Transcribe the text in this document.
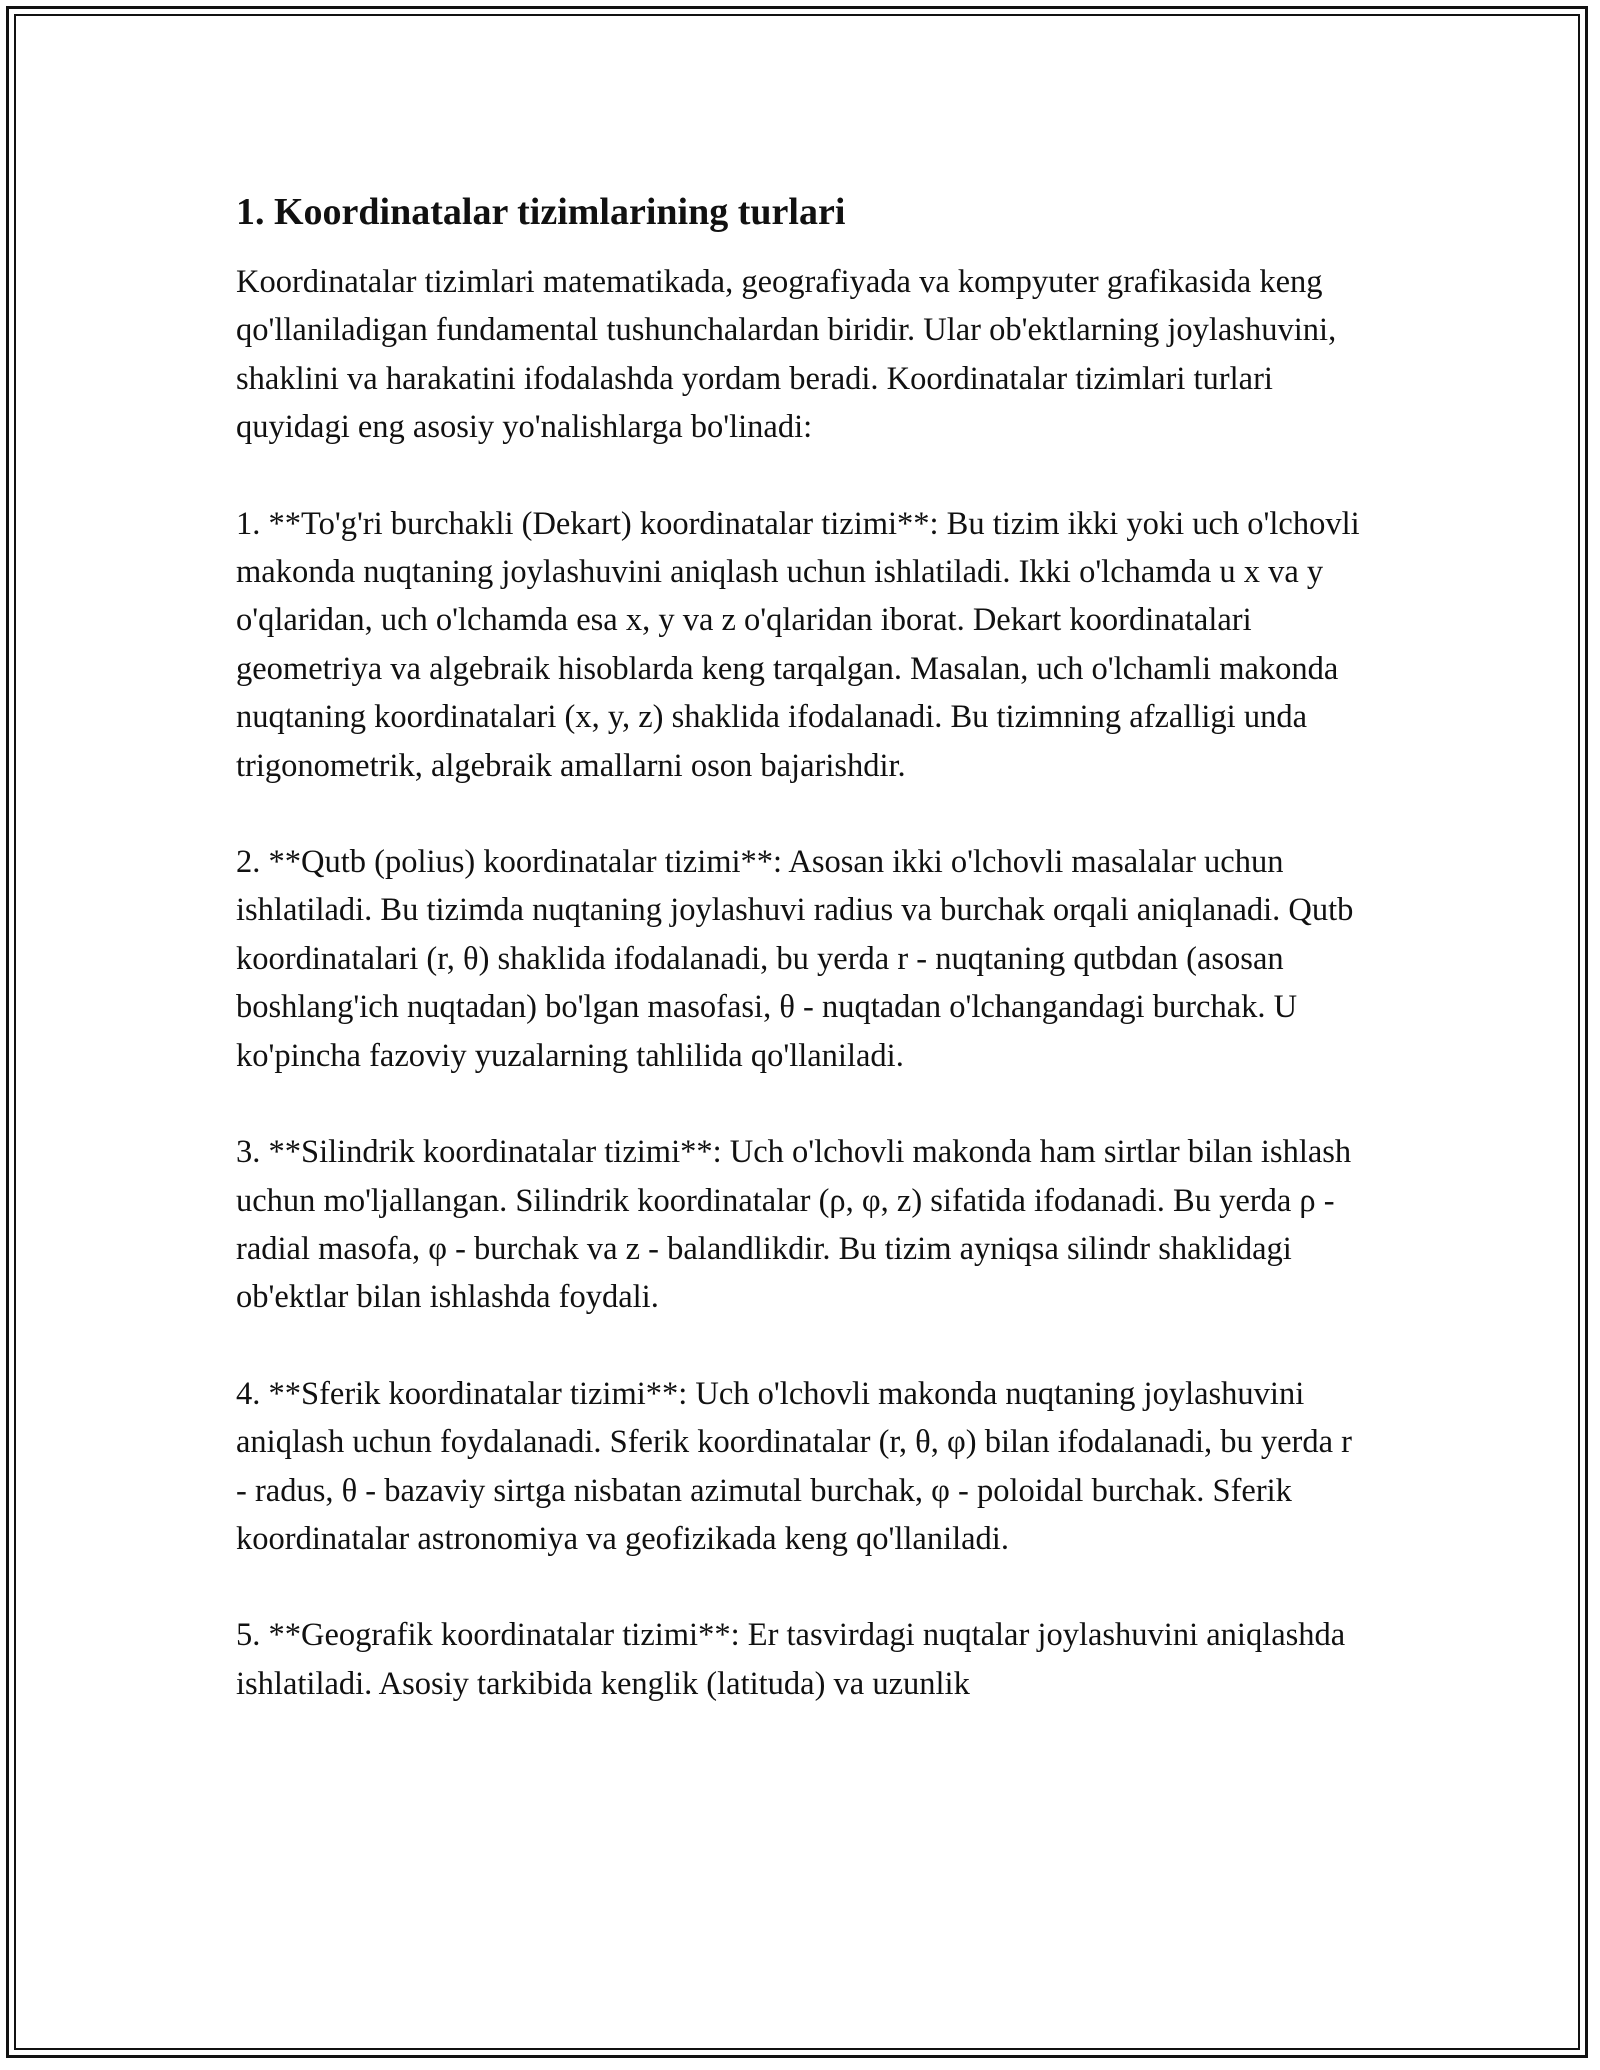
1. Koordinatalar tizimlarining turlari

Koordinatalar tizimlari matematikada, geografiyada va kompyuter grafikasida keng qo'llaniladigan fundamental tushunchalardan biridir. Ular ob'ektlarning joylashuvini, shaklini va harakatini ifodalashda yordam beradi. Koordinatalar tizimlari turlari quyidagi eng asosiy yo'nalishlarga bo'linadi:

1. **To'g'ri burchakli (Dekart) koordinatalar tizimi**: Bu tizim ikki yoki uch o'lchovli makonda nuqtaning joylashuvini aniqlash uchun ishlatiladi. Ikki o'lchamda u x va y o'qlaridan, uch o'lchamda esa x, y va z o'qlaridan iborat. Dekart koordinatalari geometriya va algebraik hisoblarda keng tarqalgan. Masalan, uch o'lchamli makonda nuqtaning koordinatalari (x, y, z) shaklida ifodalanadi. Bu tizimning afzalligi unda trigonometrik, algebraik amallarni oson bajarishdir.

2. **Qutb (polius) koordinatalar tizimi**: Asosan ikki o'lchovli masalalar uchun ishlatiladi. Bu tizimda nuqtaning joylashuvi radius va burchak orqali aniqlanadi. Qutb koordinatalari (r, θ) shaklida ifodalanadi, bu yerda r - nuqtaning qutbdan (asosan boshlang'ich nuqtadan) bo'lgan masofasi, θ - nuqtadan o'lchangandagi burchak. U ko'pincha fazoviy yuzalarning tahlilida qo'llaniladi.

3. **Silindrik koordinatalar tizimi**: Uch o'lchovli makonda ham sirtlar bilan ishlash uchun mo'ljallangan. Silindrik koordinatalar (ρ, φ, z) sifatida ifodanadi. Bu yerda ρ - radial masofa, φ - burchak va z - balandlikdir. Bu tizim ayniqsa silindr shaklidagi ob'ektlar bilan ishlashda foydali.

4. **Sferik koordinatalar tizimi**: Uch o'lchovli makonda nuqtaning joylashuvini aniqlash uchun foydalanadi. Sferik koordinatalar (r, θ, φ) bilan ifodalanadi, bu yerda r - radus, θ - bazaviy sirtga nisbatan azimutal burchak, φ - poloidal burchak. Sferik koordinatalar astronomiya va geofizikada keng qo'llaniladi.

5. **Geografik koordinatalar tizimi**: Er tasvirdagi nuqtalar joylashuvini aniqlashda ishlatiladi. Asosiy tarkibida kenglik (latituda) va uzunlik
